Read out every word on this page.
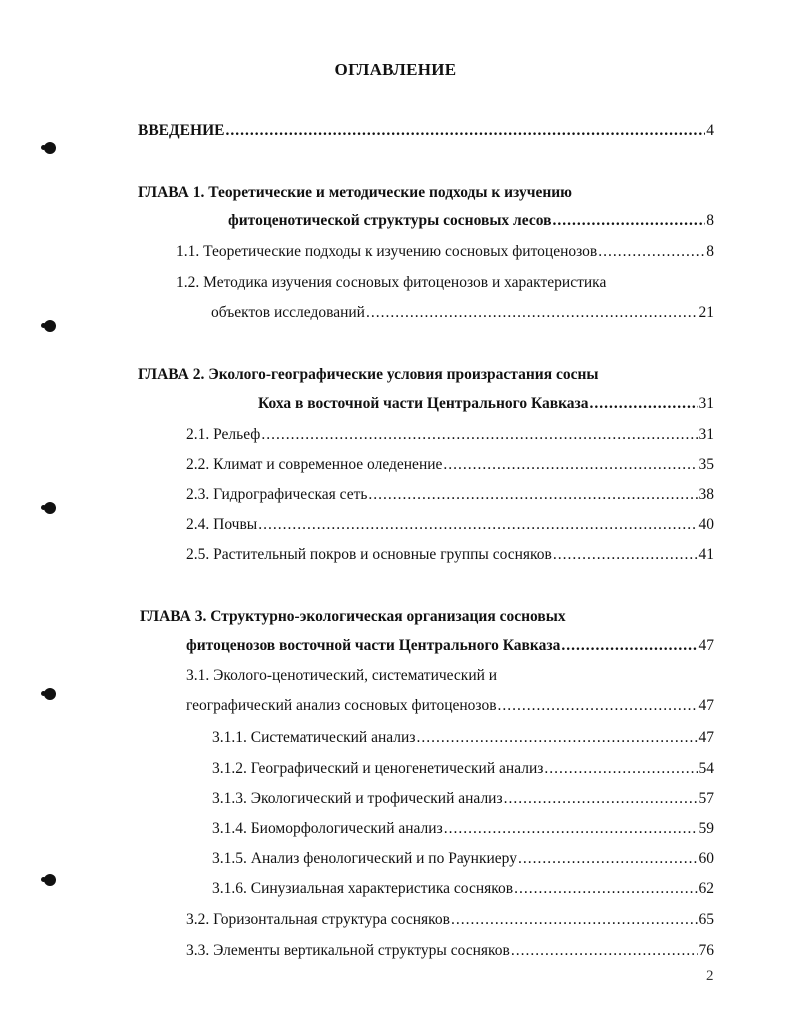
ОГЛАВЛЕНИЕ
ВВЕДЕНИЕ .....	4
ГЛАВА 1. Теоретические и методические подходы к изучению
фитоценотической структуры сосновых лесов .....	8
1.1. Теоретические подходы к изучению сосновых фитоценозов .....	8
1.2. Методика изучения сосновых фитоценозов и характеристика
объектов исследований .....	21
ГЛАВА 2. Эколого-географические условия произрастания сосны
Коха в восточной части Центрального Кавказа .....	31
2.1. Рельеф .....	31
2.2. Климат и современное оледенение .....	35
2.3. Гидрографическая сеть .....	38
2.4. Почвы .....	40
2.5. Растительный покров и основные группы сосняков .....	41
ГЛАВА 3. Структурно-экологическая организация сосновых
фитоценозов восточной части Центрального Кавказа .....	47
3.1. Эколого-ценотический, систематический и
географический анализ сосновых фитоценозов .....	47
3.1.1. Систематический анализ .....	47
3.1.2. Географический и ценогенетический анализ .....	54
3.1.3. Экологический и трофический анализ .....	57
3.1.4. Биоморфологический анализ .....	59
3.1.5. Анализ фенологический и по Раункиеру .....	60
3.1.6. Синузиальная характеристика сосняков .....	62
3.2. Горизонтальная структура сосняков .....	65
3.3. Элементы вертикальной структуры сосняков .....	76
2
